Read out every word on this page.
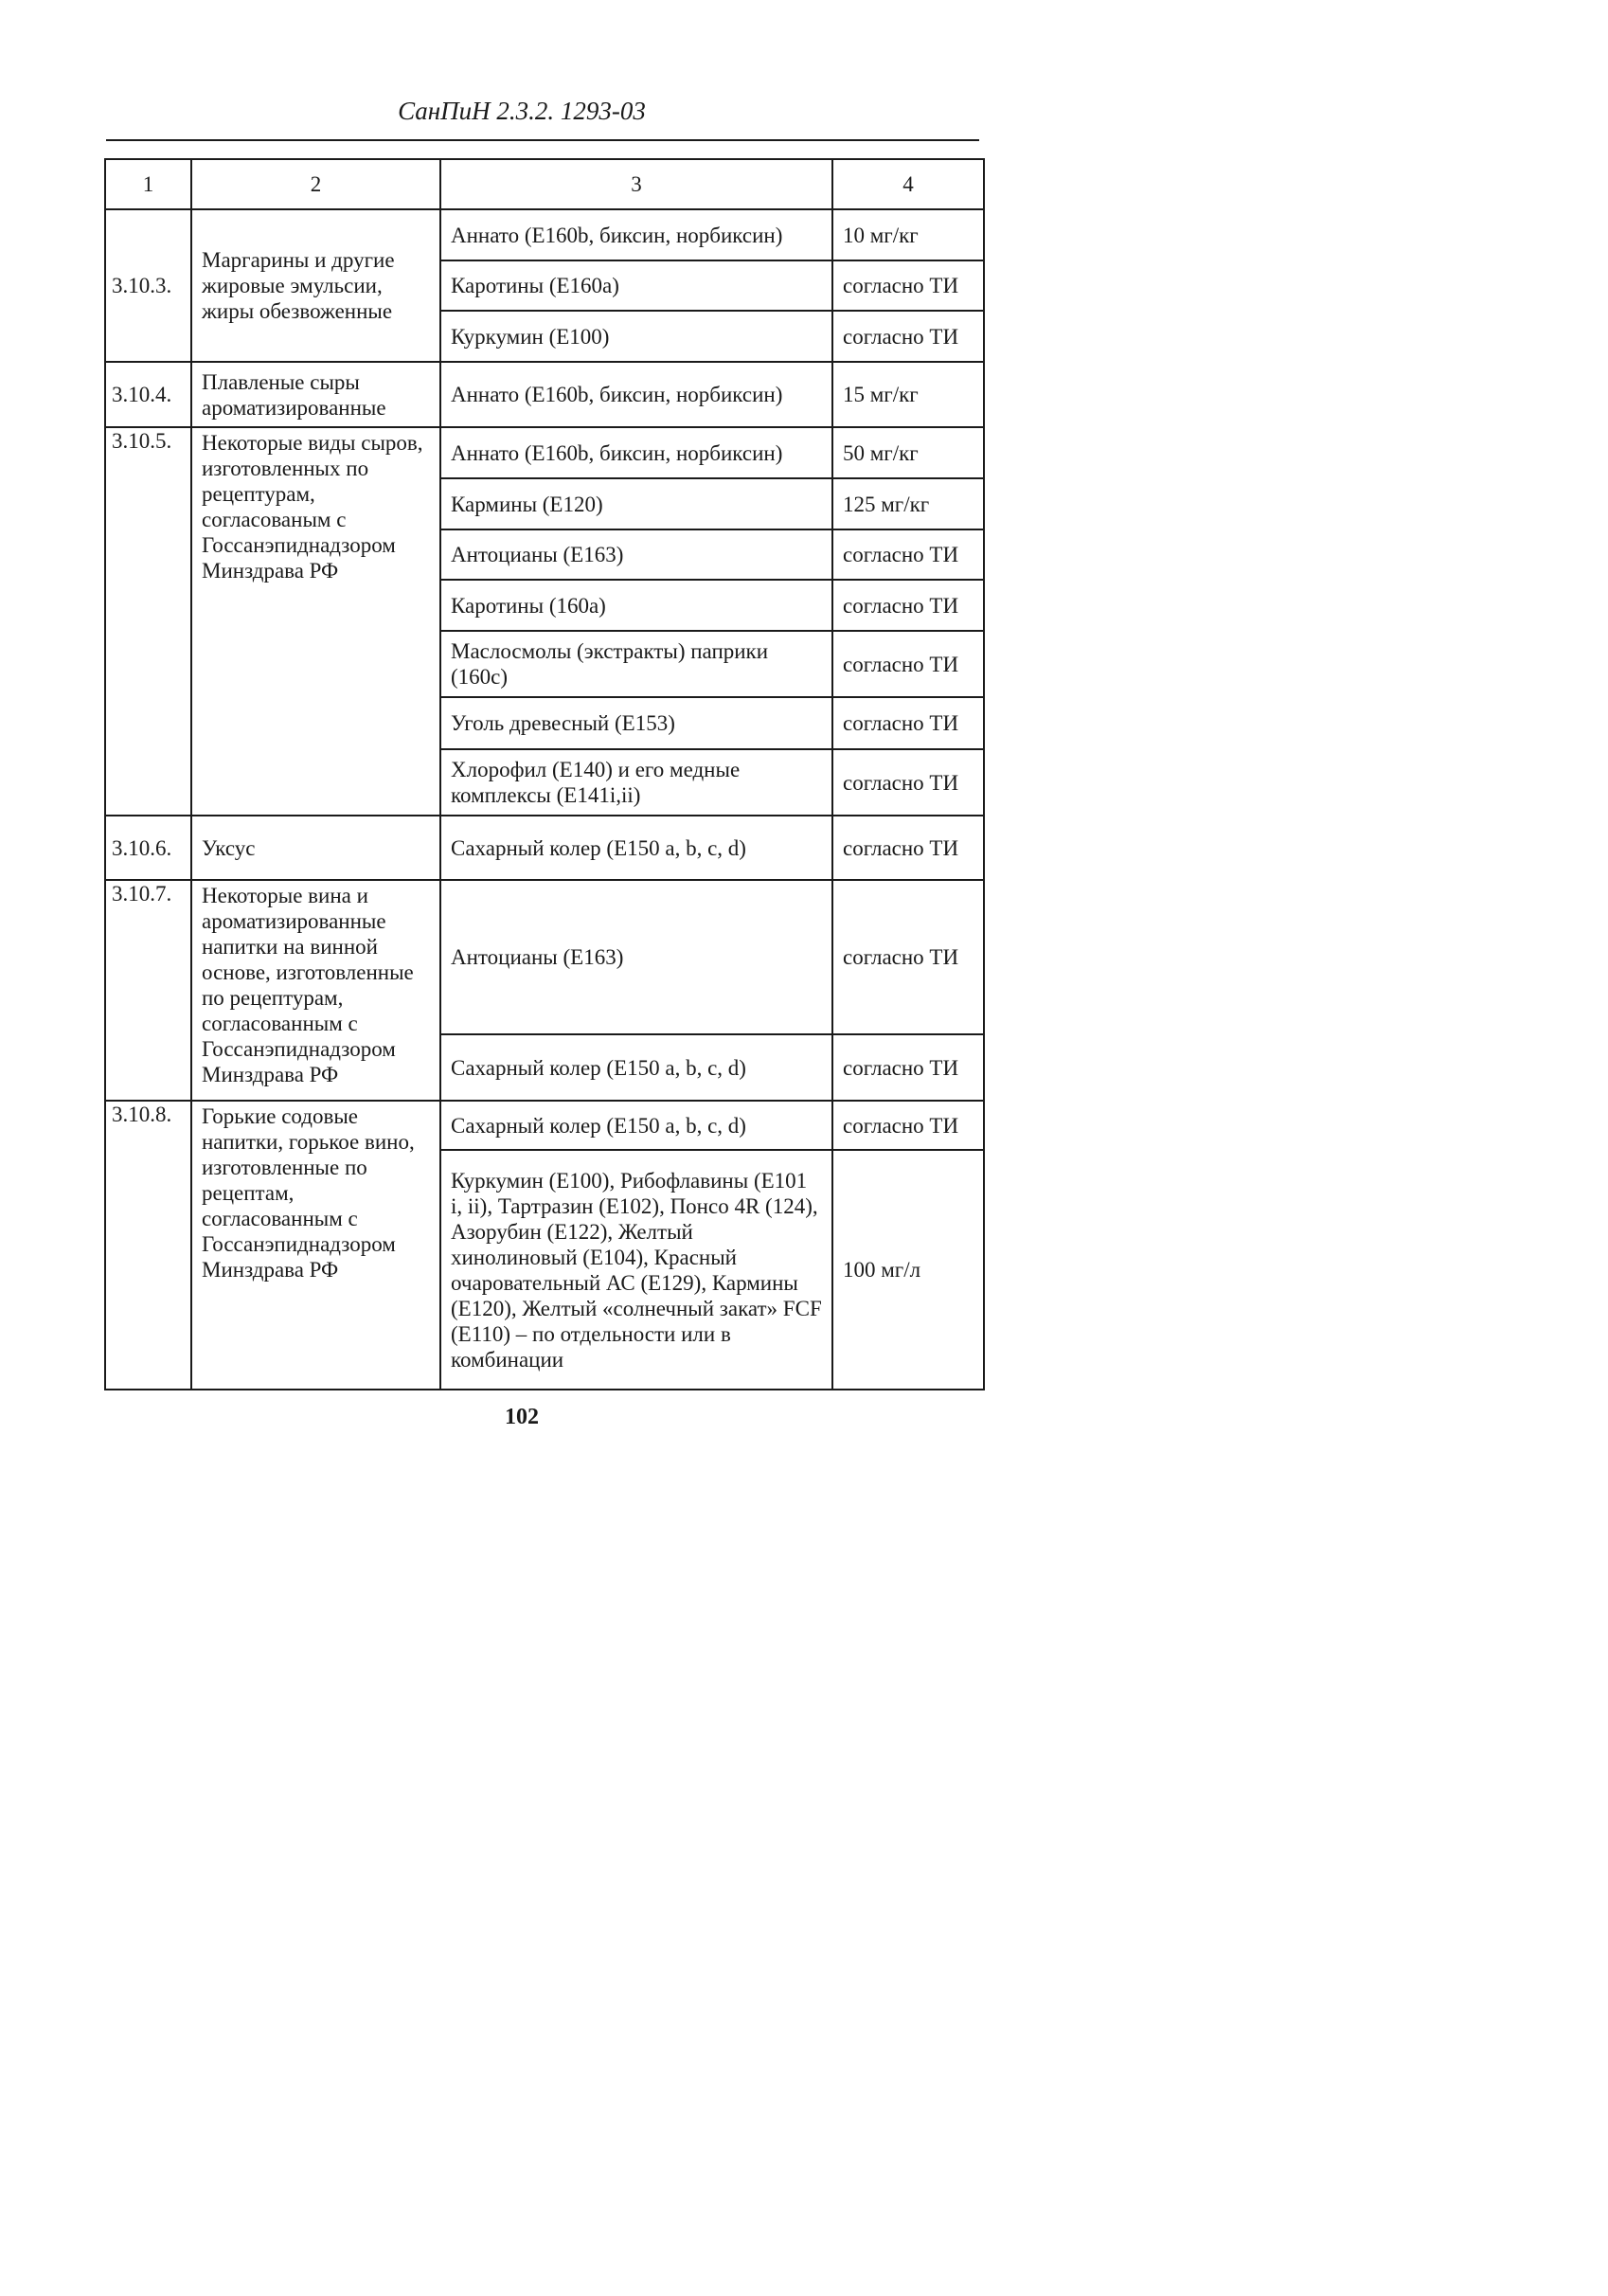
СанПиН 2.3.2. 1293-03
1	2	3	4
3.10.3.	Маргарины и другие жировые эмульсии, жиры обезвоженные	Аннато (Е160b, биксин, норбиксин)	10 мг/кг
		Каротины (Е160а)	согласно ТИ
		Куркумин (Е100)	согласно ТИ
3.10.4.	Плавленые сыры ароматизированные	Аннато (Е160b, биксин, норбиксин)	15 мг/кг
3.10.5.	Некоторые виды сыров, изготовленных по рецептурам, согласованым с Госсанэпиднадзором Минздрава РФ	Аннато (Е160b, биксин, норбиксин)	50 мг/кг
		Кармины (Е120)	125 мг/кг
		Антоцианы (Е163)	согласно ТИ
		Каротины (160а)	согласно ТИ
		Маслосмолы (экстракты) паприки (160с)	согласно ТИ
		Уголь древесный (Е153)	согласно ТИ
		Хлорофил (Е140) и его медные комплексы (Е141i,ii)	согласно ТИ
3.10.6.	Уксус	Сахарный колер (Е150 a, b, c, d)	согласно ТИ
3.10.7.	Некоторые вина и ароматизированные напитки на винной основе, изготовленные по рецептурам, согласованным с Госсанэпиднадзором Минздрава РФ	Антоцианы (Е163)	согласно ТИ
		Сахарный колер (Е150 a, b, c, d)	согласно ТИ
3.10.8.	Горькие содовые напитки, горькое вино, изготовленные по рецептам, согласованным с Госсанэпиднадзором Минздрава РФ	Сахарный колер (Е150 a, b, c, d)	согласно ТИ
		Куркумин (Е100), Рибофлавины (Е101 i, ii), Тартразин (Е102), Понсо 4R (124), Азорубин (Е122), Желтый хинолиновый (Е104), Красный очаровательный АС (Е129), Кармины (Е120), Желтый «солнечный закат» FCF (Е110) – по отдельности или в комбинации	100 мг/л
102
